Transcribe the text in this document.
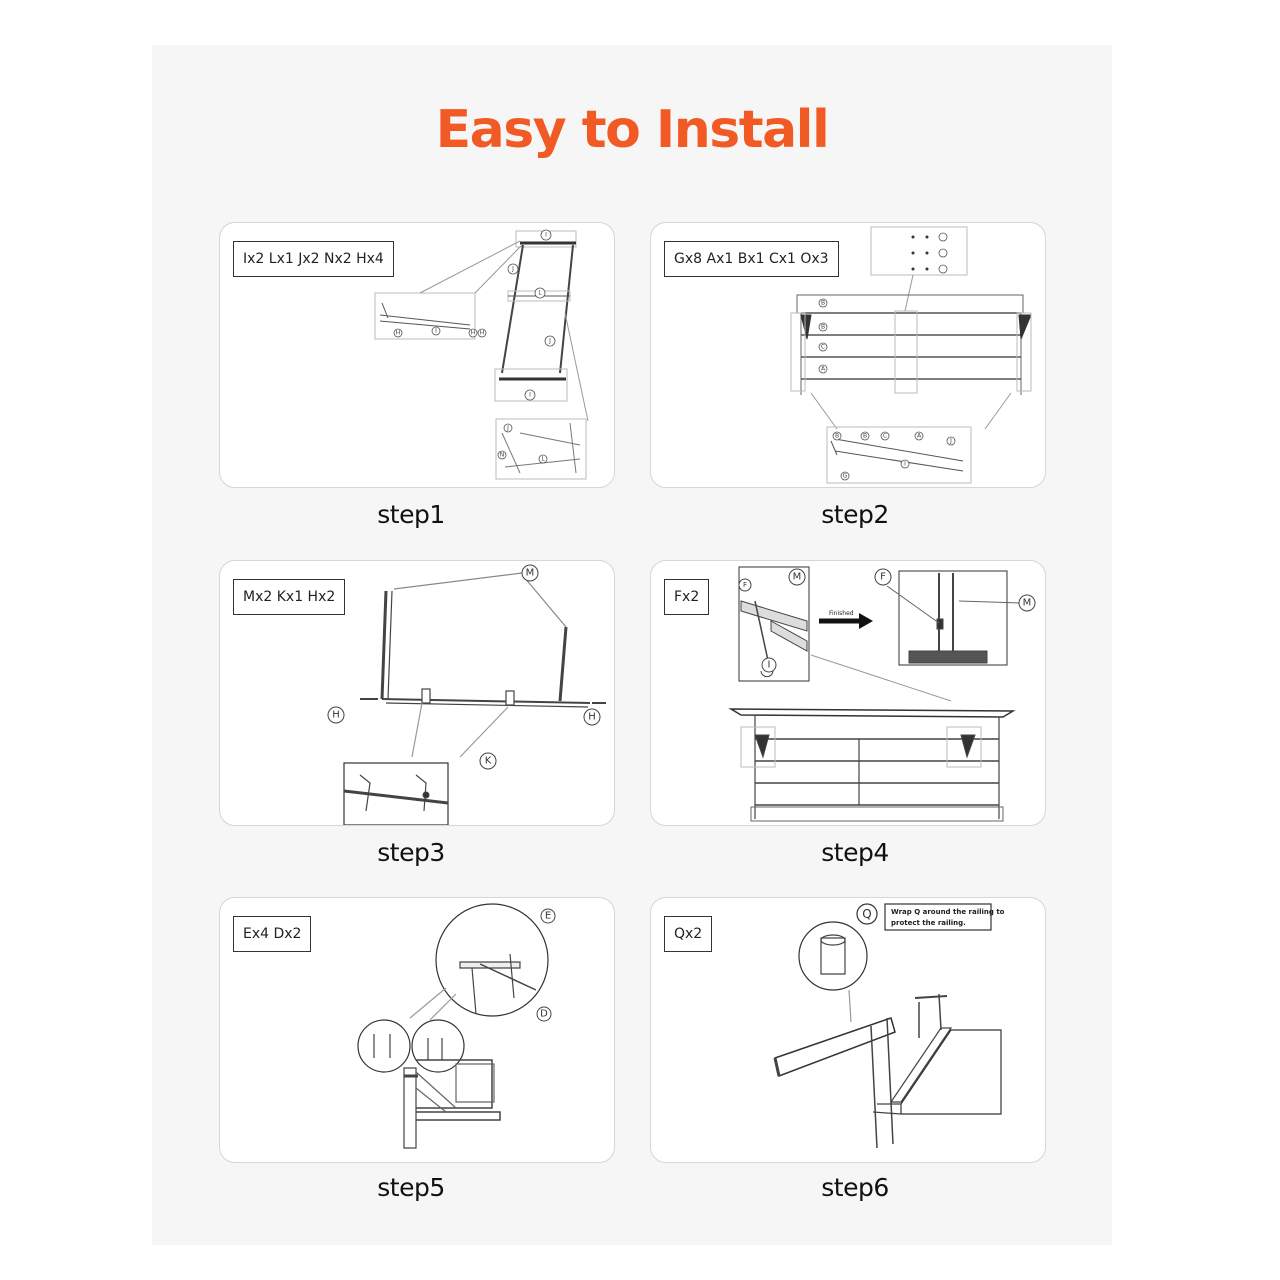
Easy to Install
I
J
L
J
I
H	I	H H
J
N
L
Ix2 Lx1 Jx2 Nx2 Hx4
step1
B
B
C
A
B	B	C	A
J
G
I
Gx8 Ax1 Bx1 Cx1 Ox3
step2
M
H	H
K
Mx2 Kx1 Hx2
step3
Finished
F
M
I
F
M
Fx2
step4
E
D
Ex4 Dx2
step5
Q	Wrap Q around the railing to
protect the railing.
Qx2
step6
